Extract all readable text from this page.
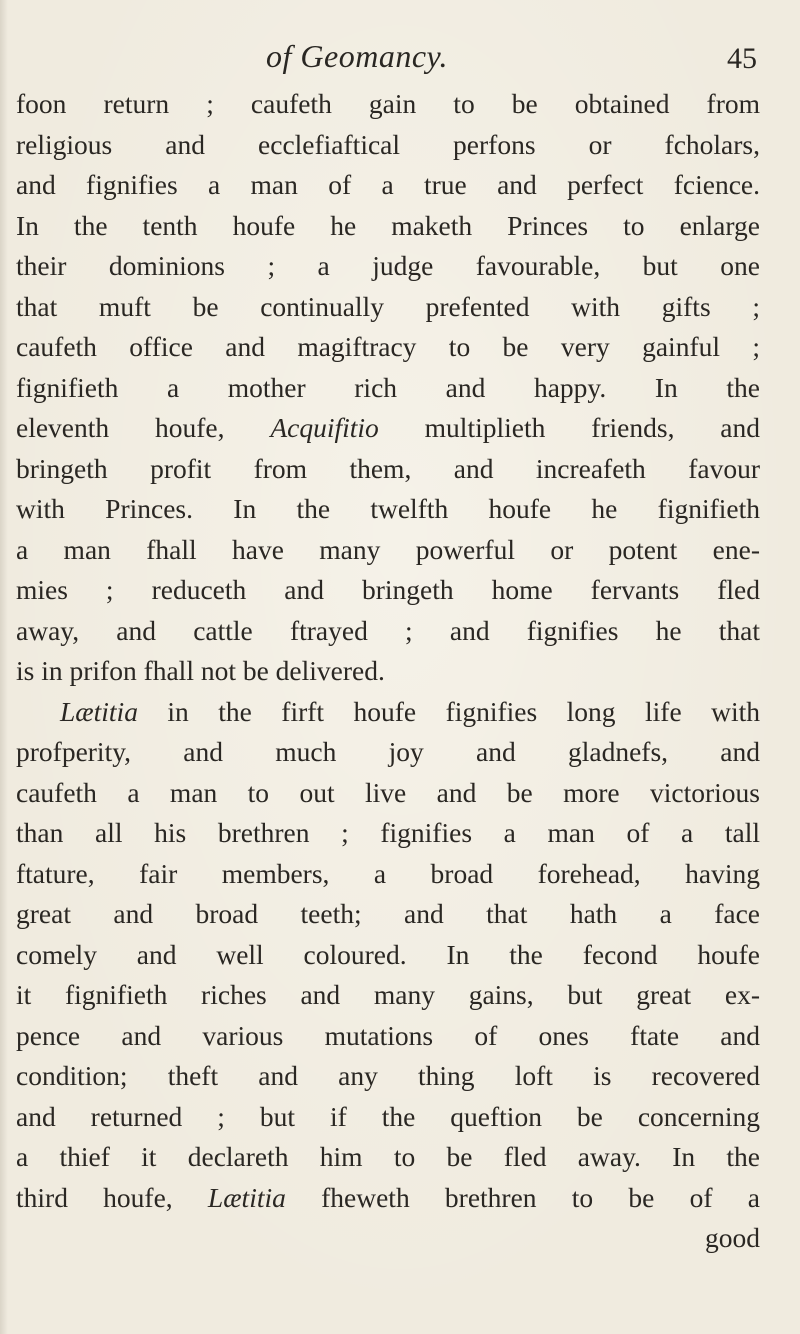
of Geomancy.	45
foon return ; caufeth gain to be obtained from
religious and ecclefiaftical perfons or fcholars,
and fignifies a man of a true and perfect fcience.
In the tenth houfe he maketh Princes to enlarge
their dominions ; a judge favourable, but one
that muft be continually prefented with gifts ;
caufeth office and magiftracy to be very gainful ;
fignifieth a mother rich and happy. In the
eleventh houfe, Acquifitio multiplieth friends, and
bringeth profit from them, and increafeth favour
with Princes. In the twelfth houfe he fignifieth
a man fhall have many powerful or potent ene-
mies ; reduceth and bringeth home fervants fled
away, and cattle ftrayed ; and fignifies he that
is in prifon fhall not be delivered.
Lætitia in the firft houfe fignifies long life with
profperity, and much joy and gladnefs, and
caufeth a man to out live and be more victorious
than all his brethren ; fignifies a man of a tall
ftature, fair members, a broad forehead, having
great and broad teeth; and that hath a face
comely and well coloured. In the fecond houfe
it fignifieth riches and many gains, but great ex-
pence and various mutations of ones ftate and
condition; theft and any thing loft is recovered
and returned ; but if the queftion be concerning
a thief it declareth him to be fled away. In the
third houfe, Lætitia fheweth brethren to be of a
good
